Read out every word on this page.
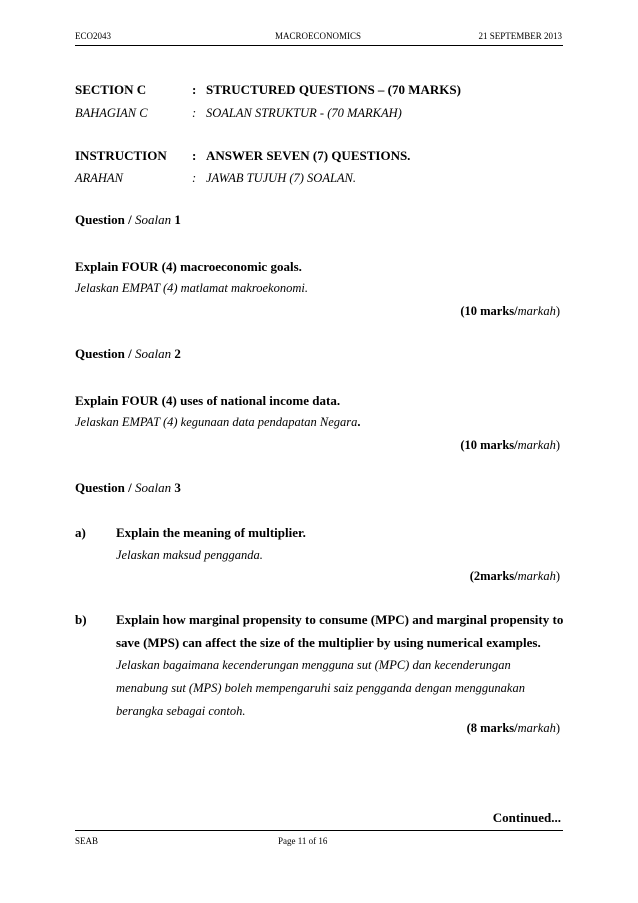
ECO2043	MACROECONOMICS	21 SEPTEMBER 2013
SECTION C	: STRUCTURED QUESTIONS – (70 MARKS)
BAHAGIAN C	: SOALAN STRUKTUR - (70 MARKAH)
INSTRUCTION : ANSWER SEVEN (7) QUESTIONS.
ARAHAN	: JAWAB TUJUH (7) SOALAN.
Question / Soalan 1
Explain FOUR (4) macroeconomic goals.
Jelaskan EMPAT (4) matlamat makroekonomi.
(10 marks/markah)
Question / Soalan 2
Explain FOUR (4) uses of national income data.
Jelaskan EMPAT (4) kegunaan data pendapatan Negara.
(10 marks/markah)
Question / Soalan 3
a) Explain the meaning of multiplier.
Jelaskan maksud pengganda.
(2marks/markah)
b) Explain how marginal propensity to consume (MPC) and marginal propensity to
save (MPS) can affect the size of the multiplier by using numerical examples.
Jelaskan bagaimana kecenderungan mengguna sut (MPC) dan kecenderungan
menabung sut (MPS) boleh mempengaruhi saiz pengganda dengan menggunakan
berangka sebagai contoh.
(8 marks/markah)
Continued...
SEAB	Page 11 of 16
